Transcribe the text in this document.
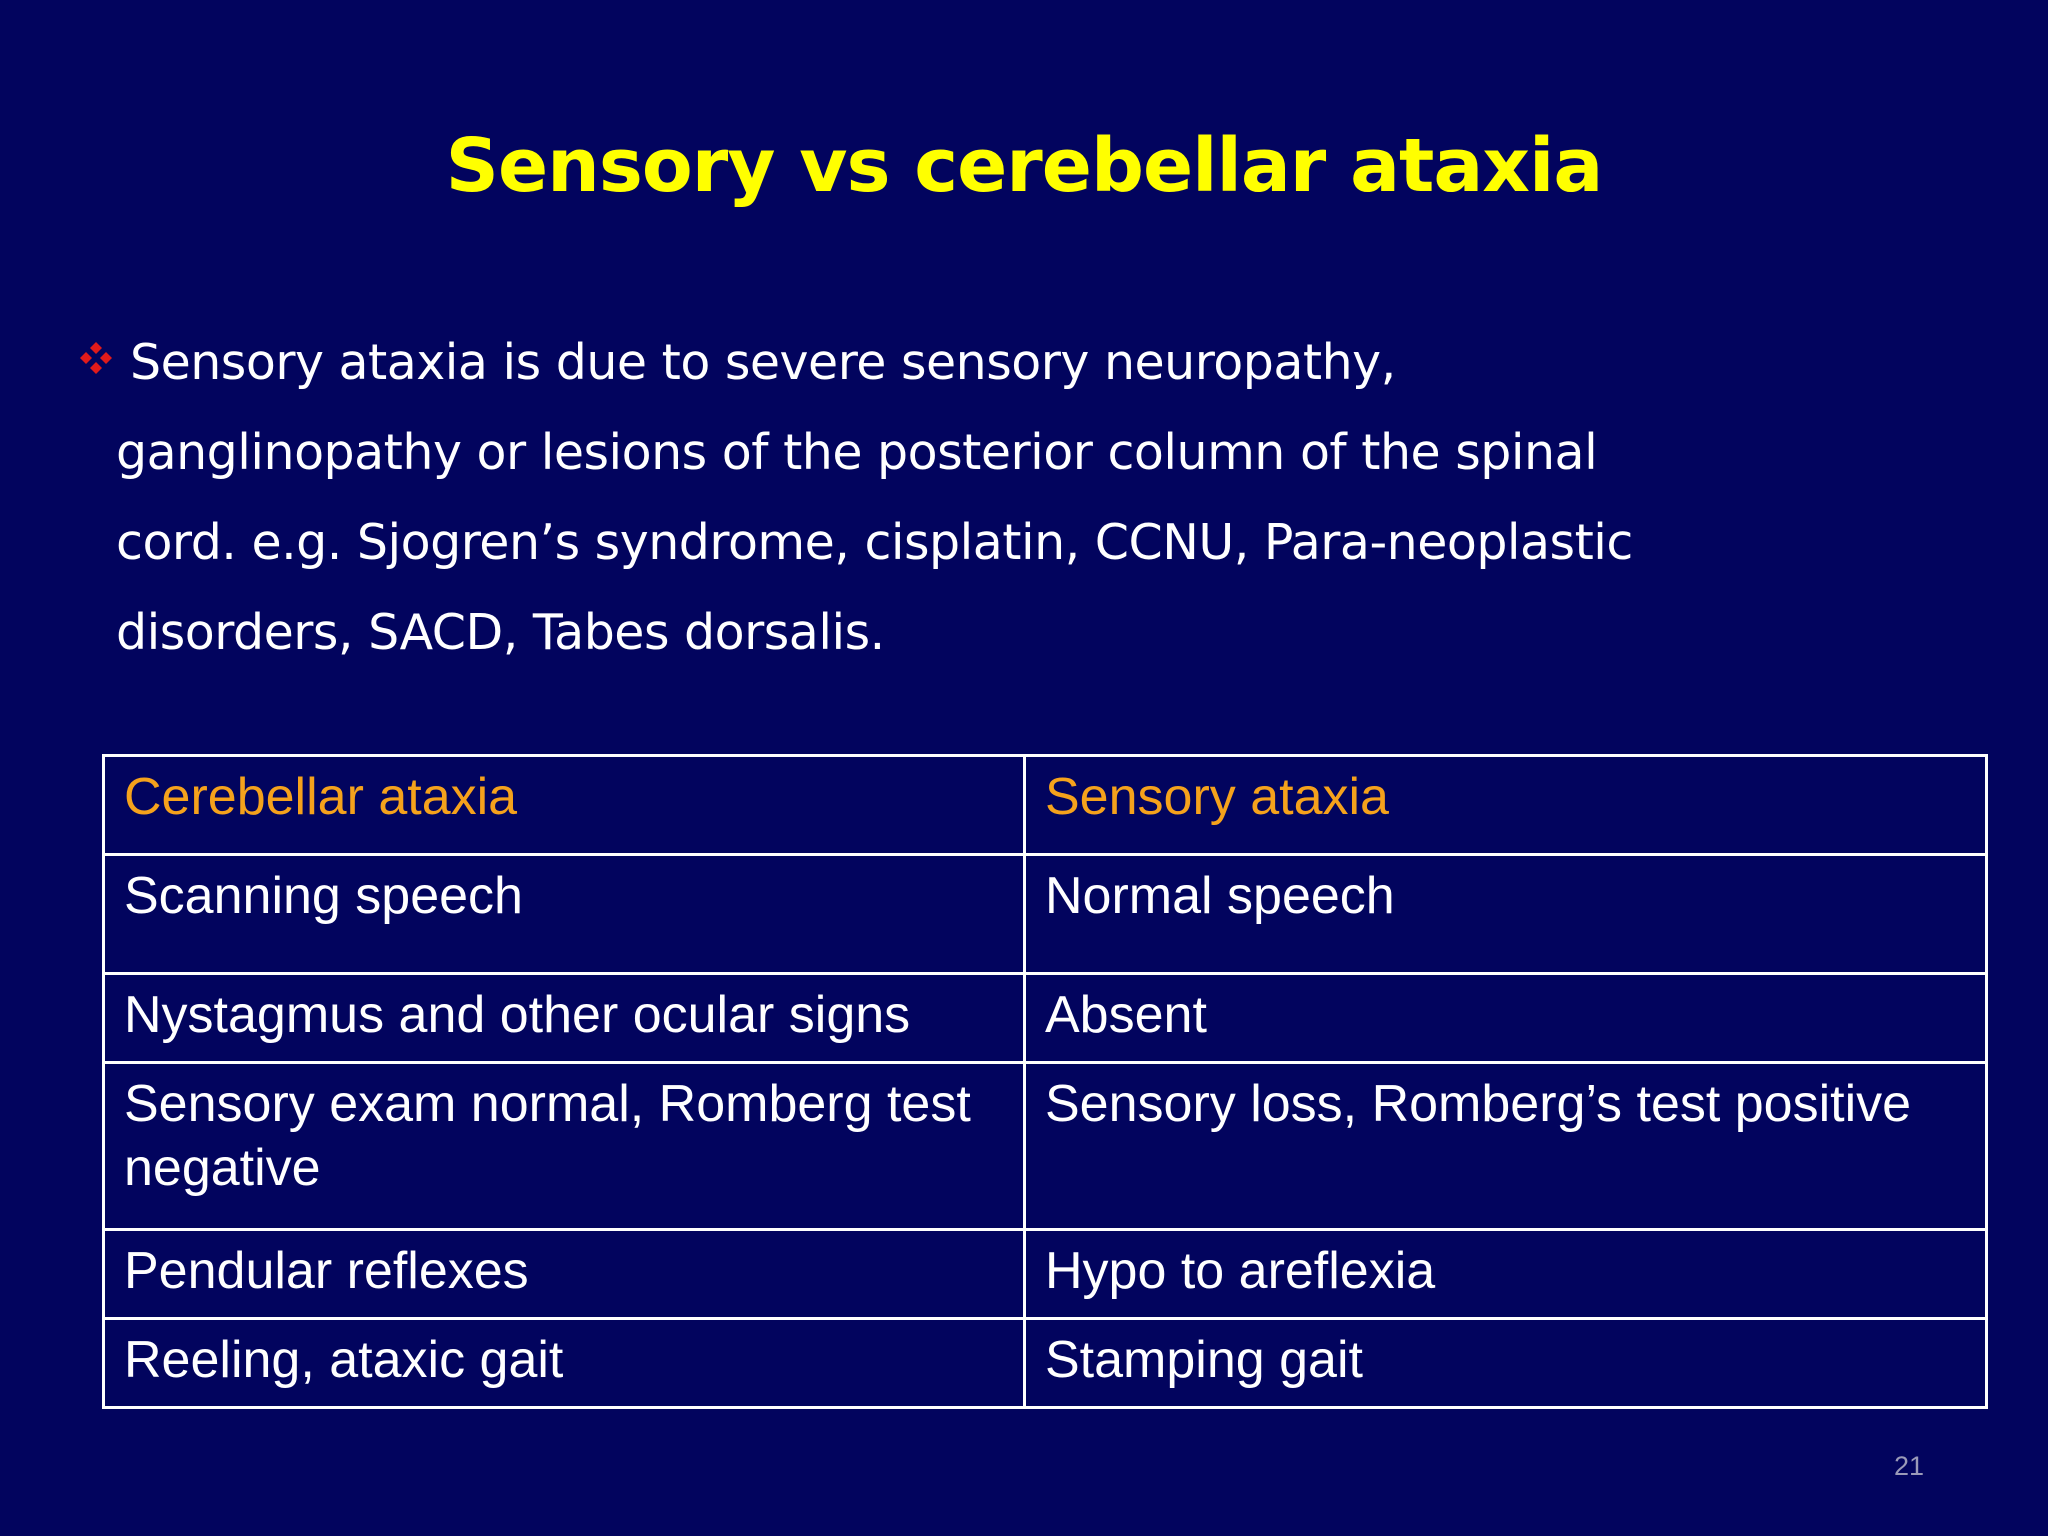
Sensory vs cerebellar ataxia
Sensory ataxia is due to severe sensory neuropathy,
ganglinopathy or lesions of the posterior column of the spinal
cord. e.g. Sjogren’s syndrome, cisplatin, CCNU, Para-neoplastic
disorders, SACD, Tabes dorsalis.
Cerebellar ataxia	Sensory ataxia
Scanning speech	Normal speech
Nystagmus and other ocular signs	Absent
Sensory exam normal, Romberg test negative	Sensory loss, Romberg’s test positive
Pendular reflexes	Hypo to areflexia
Reeling, ataxic gait	Stamping gait
21
